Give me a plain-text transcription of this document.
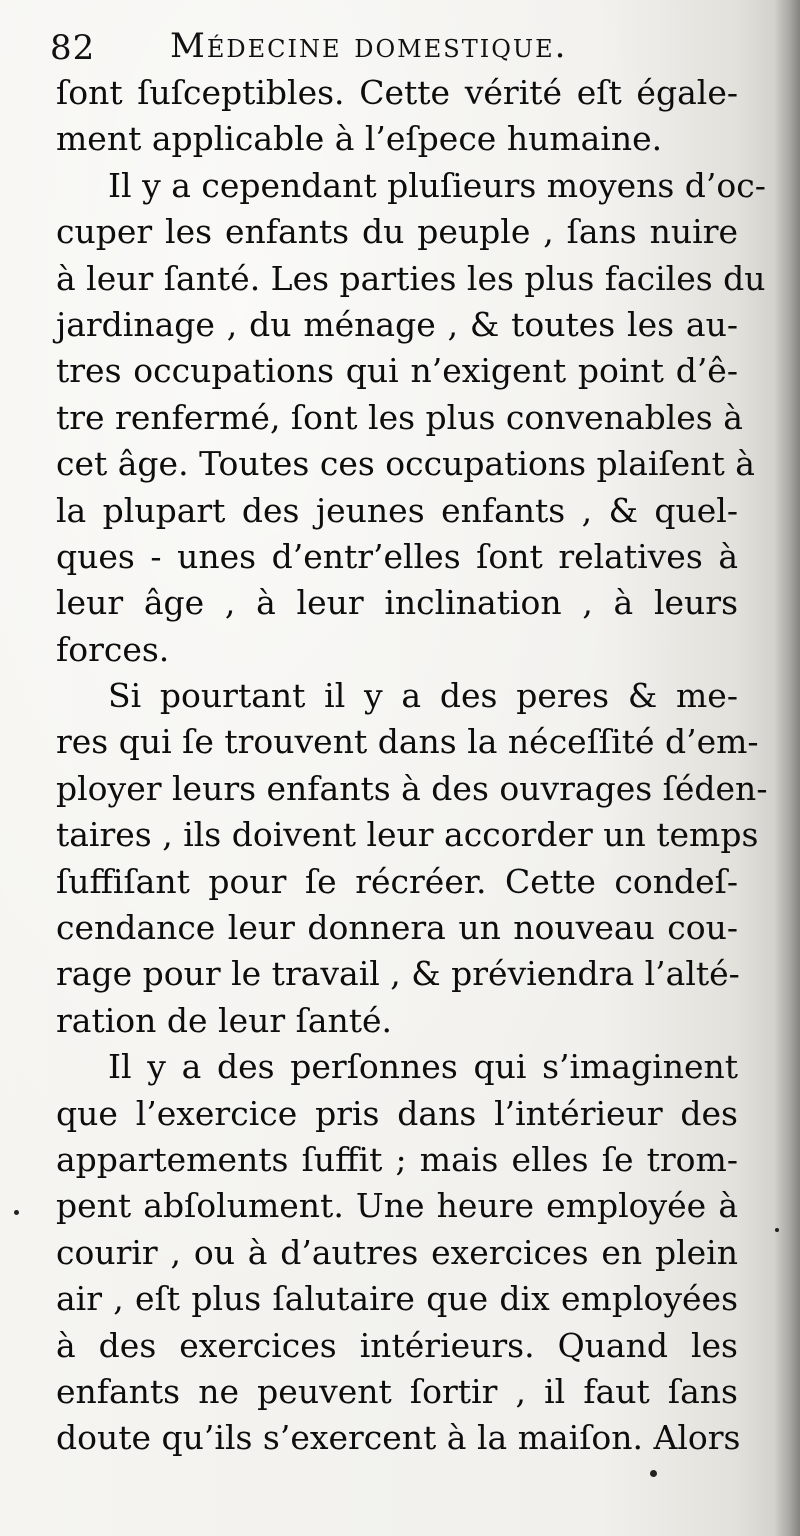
82 Médecine domestique.
ſont ſuſceptibles. Cette vérité eſt égale-
ment applicable à l’eſpece humaine.
Il y a cependant pluſieurs moyens d’oc-
cuper les enfants du peuple , ſans nuire
à leur ſanté. Les parties les plus faciles du
jardinage , du ménage , & toutes les au-
tres occupations qui n’exigent point d’ê-
tre renfermé, ſont les plus convenables à
cet âge. Toutes ces occupations plaiſent à
la plupart des jeunes enfants , & quel-
ques - unes d’entr’elles ſont relatives à
leur âge , à leur inclination , à leurs
forces.
Si pourtant il y a des peres & me-
res qui ſe trouvent dans la néceſſité d’em-
ployer leurs enfants à des ouvrages ſéden-
taires , ils doivent leur accorder un temps
ſuffiſant pour ſe récréer. Cette condeſ-
cendance leur donnera un nouveau cou-
rage pour le travail , & préviendra l’alté-
ration de leur ſanté.
Il y a des perſonnes qui s’imaginent
que l’exercice pris dans l’intérieur des
appartements ſuffit ; mais elles ſe trom-
pent abſolument. Une heure employée à
courir , ou à d’autres exercices en plein
air , eſt plus ſalutaire que dix employées
à des exercices intérieurs. Quand les
enfants ne peuvent ſortir , il faut ſans
doute qu’ils s’exercent à la maiſon. Alors
